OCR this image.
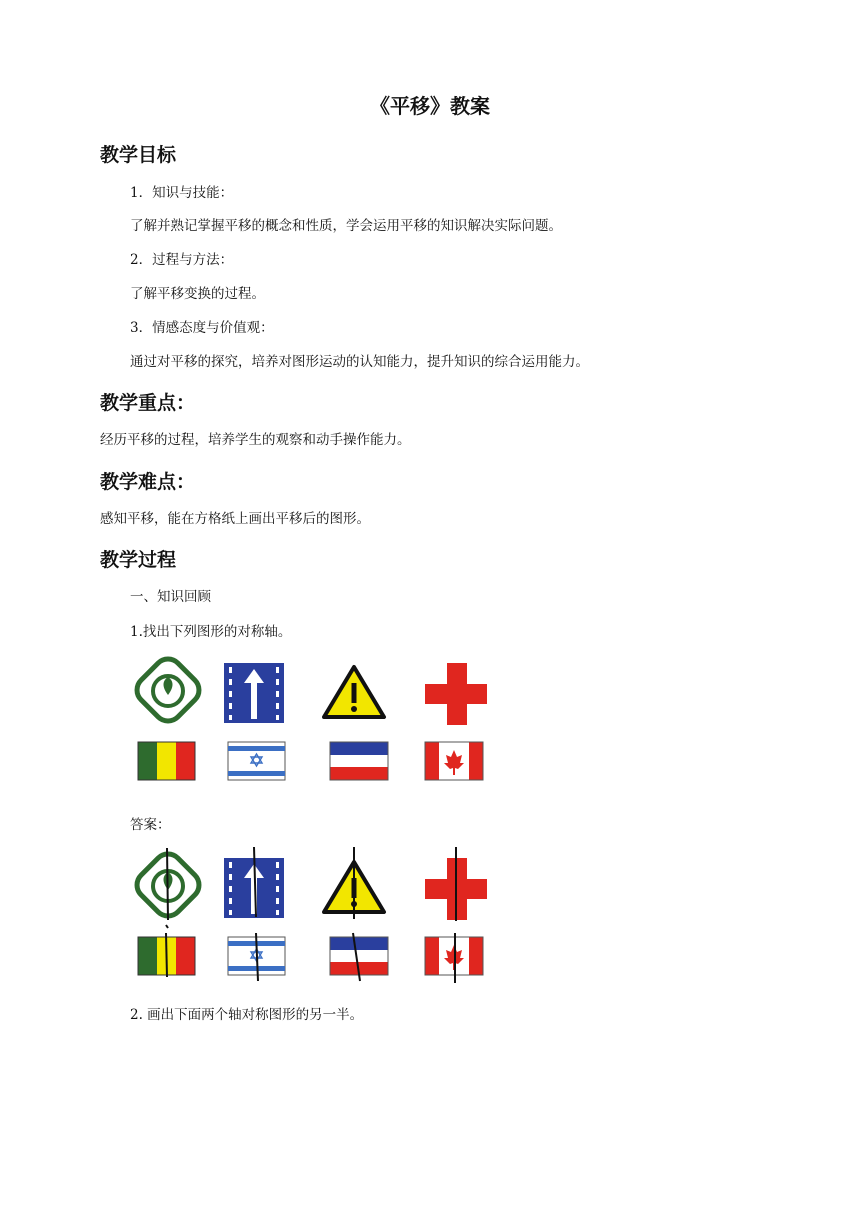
《平移》教案
教学目标
1．知识与技能：
了解并熟记掌握平移的概念和性质，学会运用平移的知识解决实际问题。
2．过程与方法：
了解平移变换的过程。
3．情感态度与价值观：
通过对平移的探究，培养对图形运动的认知能力，提升知识的综合运用能力。
教学重点：
经历平移的过程，培养学生的观察和动手操作能力。
教学难点：
感知平移，能在方格纸上画出平移后的图形。
教学过程
一、知识回顾
1.找出下列图形的对称轴。
答案：
2. 画出下面两个轴对称图形的另一半。
